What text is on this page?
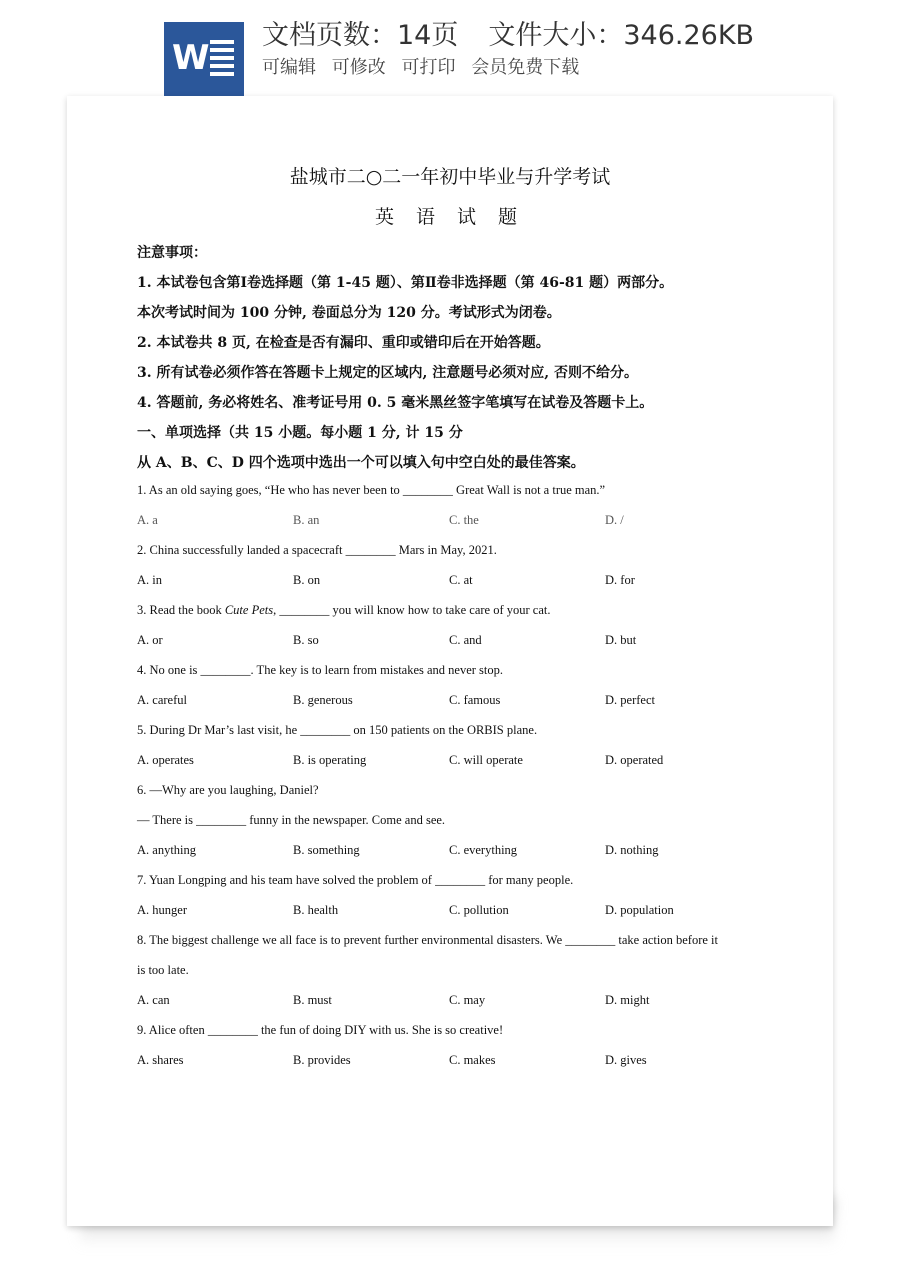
W
文档页数：14页 文件大小：346.26KB
可编辑 可修改 可打印 会员免费下载
盐城市二○二一年初中毕业与升学考试
英 语 试 题
注意事项：
1. 本试卷包含第Ⅰ卷选择题（第 1-45 题）、第Ⅱ卷非选择题（第 46-81 题）两部分。
本次考试时间为 100 分钟, 卷面总分为 120 分。考试形式为闭卷。
2. 本试卷共 8 页, 在检查是否有漏印、重印或错印后在开始答题。
3. 所有试卷必须作答在答题卡上规定的区域内, 注意题号必须对应, 否则不给分。
4. 答题前, 务必将姓名、准考证号用 0. 5 毫米黑丝签字笔填写在试卷及答题卡上。
一、单项选择（共 15 小题。每小题 1 分, 计 15 分
从 A、B、C、D 四个选项中选出一个可以填入句中空白处的最佳答案。
1. As an old saying goes, “He who has never been to ________ Great Wall is not a true man.”
A. a	B. an	C. the	D. /
2. China successfully landed a spacecraft ________ Mars in May, 2021.
A. in	B. on	C. at	D. for
3. Read the book Cute Pets, ________ you will know how to take care of your cat.
A. or	B. so	C. and	D. but
4. No one is ________. The key is to learn from mistakes and never stop.
A. careful	B. generous	C. famous	D. perfect
5. During Dr Mar’s last visit, he ________ on 150 patients on the ORBIS plane.
A. operates	B. is operating	C. will operate	D. operated
6. —Why are you laughing, Daniel?
— There is ________ funny in the newspaper. Come and see.
A. anything	B. something	C. everything	D. nothing
7. Yuan Longping and his team have solved the problem of ________ for many people.
A. hunger	B. health	C. pollution	D. population
8. The biggest challenge we all face is to prevent further environmental disasters. We ________ take action before it
is too late.
A. can	B. must	C. may	D. might
9. Alice often ________ the fun of doing DIY with us. She is so creative!
A. shares	B. provides	C. makes	D. gives
